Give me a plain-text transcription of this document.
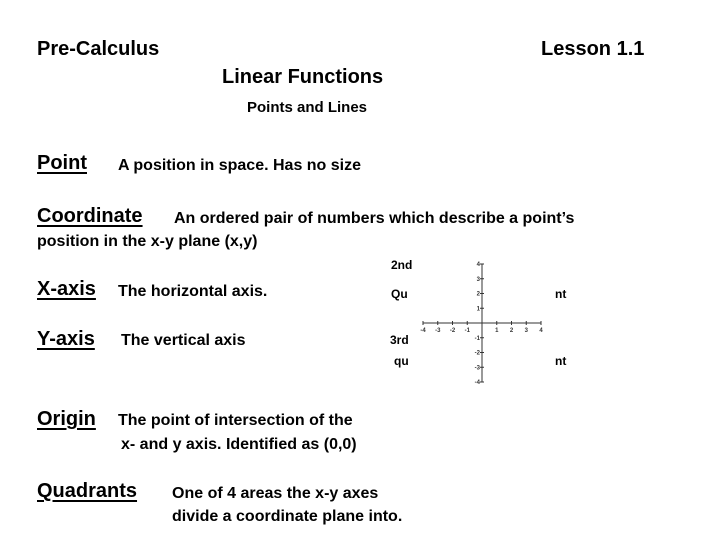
Pre-Calculus	Lesson 1.1
Linear Functions
Points and Lines
Point A position in space. Has no size
Coordinate An ordered pair of numbers which describe a point’s
position in the x-y plane (x,y)
X-axis The horizontal axis.
Y-axis The vertical axis
Origin The point of intersection of the
x- and y axis. Identified as (0,0)
Quadrants One of 4 areas the x-y axes
divide a coordinate plane into.
2nd
Qu	nt
3rd
qu	nt
-4 -3 -2 -1	1 2 3 4
4
3
2
1
-1
-2
-3
-4
